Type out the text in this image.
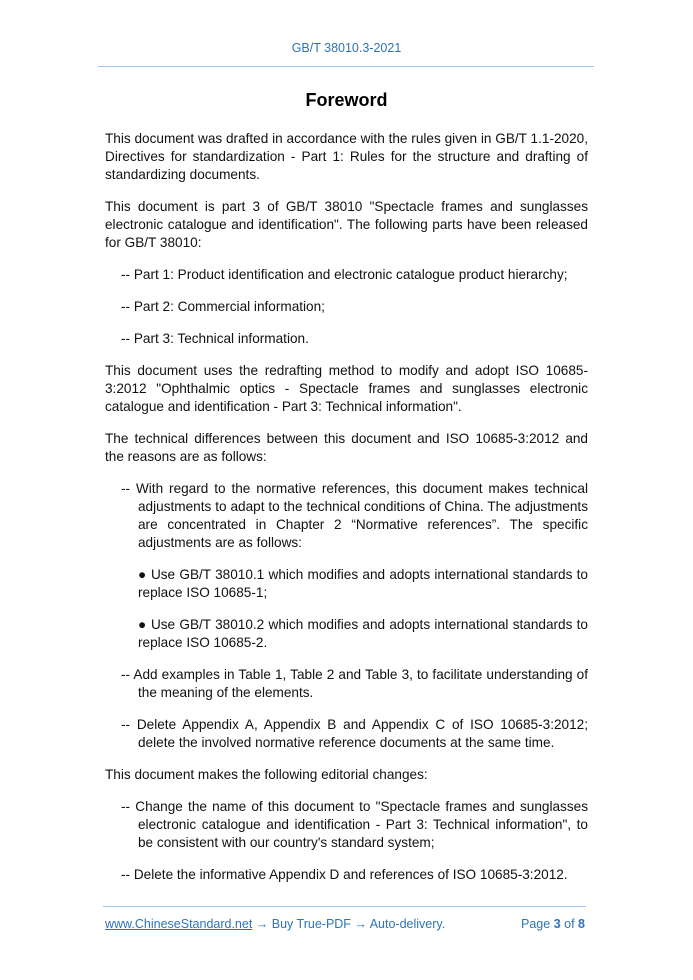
GB/T 38010.3-2021
Foreword

This document was drafted in accordance with the rules given in GB/T 1.1-2020, Directives for standardization - Part 1: Rules for the structure and drafting of standardizing documents.

This document is part 3 of GB/T 38010 "Spectacle frames and sunglasses electronic catalogue and identification". The following parts have been released for GB/T 38010:

-- Part 1: Product identification and electronic catalogue product hierarchy;

-- Part 2: Commercial information;

-- Part 3: Technical information.

This document uses the redrafting method to modify and adopt ISO 10685-3:2012 "Ophthalmic optics - Spectacle frames and sunglasses electronic catalogue and identification - Part 3: Technical information".

The technical differences between this document and ISO 10685-3:2012 and the reasons are as follows:

-- With regard to the normative references, this document makes technical adjustments to adapt to the technical conditions of China. The adjustments are concentrated in Chapter 2 “Normative references”. The specific adjustments are as follows:

● Use GB/T 38010.1 which modifies and adopts international standards to replace ISO 10685-1;

● Use GB/T 38010.2 which modifies and adopts international standards to replace ISO 10685-2.

-- Add examples in Table 1, Table 2 and Table 3, to facilitate understanding of the meaning of the elements.

-- Delete Appendix A, Appendix B and Appendix C of ISO 10685-3:2012; delete the involved normative reference documents at the same time.

This document makes the following editorial changes:

-- Change the name of this document to "Spectacle frames and sunglasses electronic catalogue and identification - Part 3: Technical information", to be consistent with our country's standard system;

-- Delete the informative Appendix D and references of ISO 10685-3:2012.

www.ChineseStandard.net → Buy True-PDF → Auto-delivery.	Page 3 of 8
